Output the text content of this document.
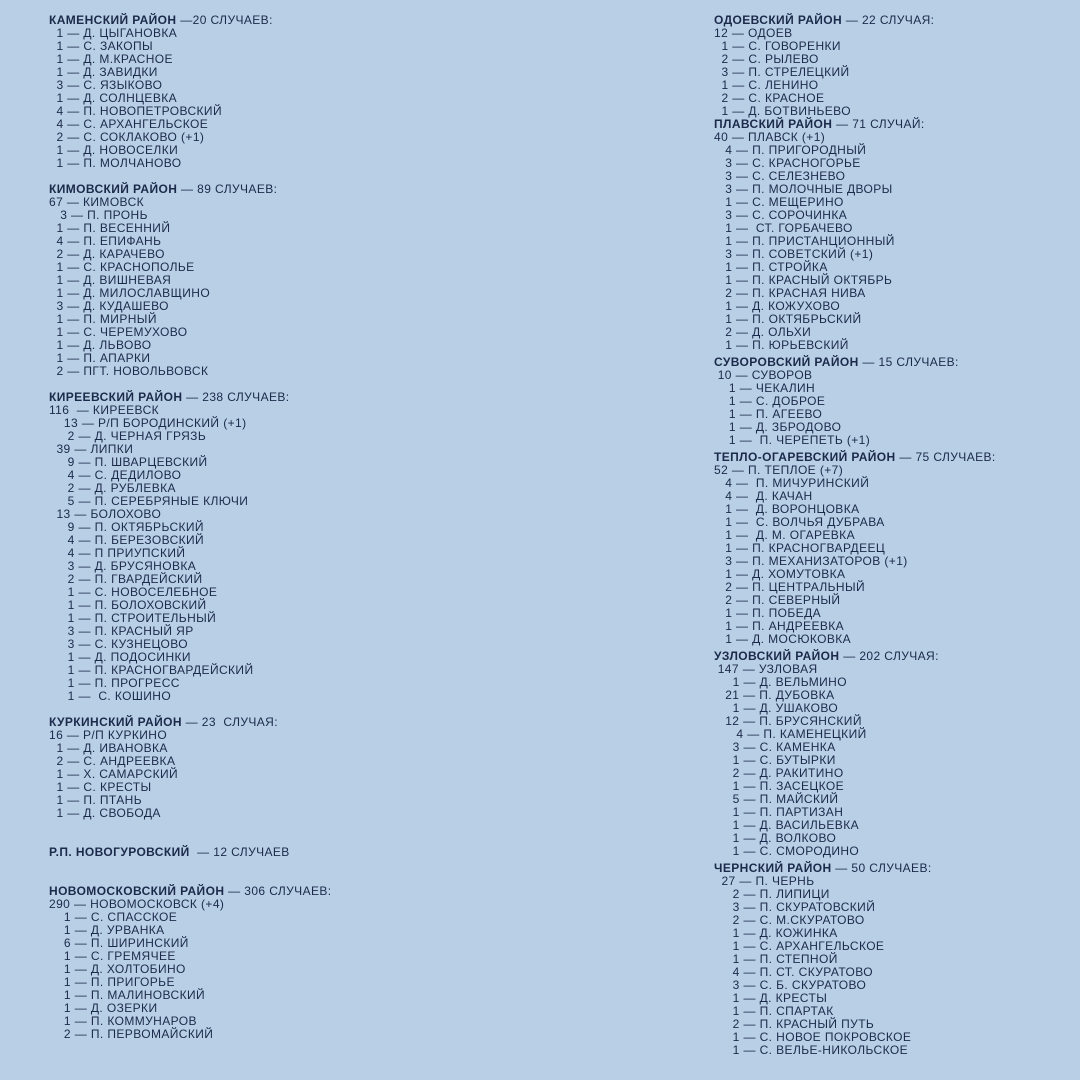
КАМЕНСКИЙ РАЙОН —20 СЛУЧАЕВ:
1 — Д. ЦЫГАНОВКА
1 — С. ЗАКОПЫ
1 — Д. М.КРАСНОЕ
1 — Д. ЗАВИДКИ
3 — С. ЯЗЫКОВО
1 — Д. СОЛНЦЕВКА
4 — П. НОВОПЕТРОВСКИЙ
4 — С. АРХАНГЕЛЬСКОЕ
2 — С. СОКЛАКОВО (+1)
1 — Д. НОВОСЕЛКИ
1 — П. МОЛЧАНОВО
КИМОВСКИЙ РАЙОН — 89 СЛУЧАЕВ:
67 — КИМОВСК
3 — П. ПРОНЬ
1 — П. ВЕСЕННИЙ
4 — П. ЕПИФАНЬ
2 — Д. КАРАЧЕВО
1 — С. КРАСНОПОЛЬЕ
1 — Д. ВИШНЕВАЯ
1 — Д. МИЛОСЛАВЩИНО
3 — Д. КУДАШЕВО
1 — П. МИРНЫЙ
1 — С. ЧЕРЕМУХОВО
1 — Д. ЛЬВОВО
1 — П. АПАРКИ
2 — ПГТ. НОВОЛЬВОВСК
КИРЕЕВСКИЙ РАЙОН — 238 СЛУЧАЕВ:
116  — КИРЕЕВСК
13 — Р/П БОРОДИНСКИЙ (+1)
2 — Д. ЧЕРНАЯ ГРЯЗЬ
39 — ЛИПКИ
9 — П. ШВАРЦЕВСКИЙ
4 — С. ДЕДИЛОВО
2 — Д. РУБЛЕВКА
5 — П. СЕРЕБРЯНЫЕ КЛЮЧИ
13 — БОЛОХОВО
9 — П. ОКТЯБРЬСКИЙ
4 — П. БЕРЕЗОВСКИЙ
4 — П ПРИУПСКИЙ
3 — Д. БРУСЯНОВКА
2 — П. ГВАРДЕЙСКИЙ
1 — С. НОВОСЕЛЕБНОЕ
1 — П. БОЛОХОВСКИЙ
1 — П. СТРОИТЕЛЬНЫЙ
3 — П. КРАСНЫЙ ЯР
3 — С. КУЗНЕЦОВО
1 — Д. ПОДОСИНКИ
1 — П. КРАСНОГВАРДЕЙСКИЙ
1 — П. ПРОГРЕСС
1 —  С. КОШИНО
КУРКИНСКИЙ РАЙОН — 23  СЛУЧАЯ:
16 — Р/П КУРКИНО
1 — Д. ИВАНОВКА
2 — С. АНДРЕЕВКА
1 — Х. САМАРСКИЙ
1 — С. КРЕСТЫ
1 — П. ПТАНЬ
1 — Д. СВОБОДА
Р.П. НОВОГУРОВСКИЙ  — 12 СЛУЧАЕВ
НОВОМОСКОВСКИЙ РАЙОН — 306 СЛУЧАЕВ:
290 — НОВОМОСКОВСК (+4)
1 — С. СПАССКОЕ
1 — Д. УРВАНКА
6 — П. ШИРИНСКИЙ
1 — С. ГРЕМЯЧЕЕ
1 — Д. ХОЛТОБИНО
1 — П. ПРИГОРЬЕ
1 — П. МАЛИНОВСКИЙ
1 — Д. ОЗЕРКИ
1 — П. КОММУНАРОВ
2 — П. ПЕРВОМАЙСКИЙ
ОДОЕВСКИЙ РАЙОН — 22 СЛУЧАЯ:
12 — ОДОЕВ
1 — С. ГОВОРЕНКИ
2 — С. РЫЛЕВО
3 — П. СТРЕЛЕЦКИЙ
1 — С. ЛЕНИНО
2 — С. КРАСНОЕ
1 — Д. БОТВИНЬЕВО
ПЛАВСКИЙ РАЙОН — 71 СЛУЧАЙ:
40 — ПЛАВСК (+1)
4 — П. ПРИГОРОДНЫЙ
3 — С. КРАСНОГОРЬЕ
3 — С. СЕЛЕЗНЕВО
3 — П. МОЛОЧНЫЕ ДВОРЫ
1 — С. МЕЩЕРИНО
3 — С. СОРОЧИНКА
1 —  СТ. ГОРБАЧЕВО
1 — П. ПРИСТАНЦИОННЫЙ
3 — П. СОВЕТСКИЙ (+1)
1 — П. СТРОЙКА
1 — П. КРАСНЫЙ ОКТЯБРЬ
2 — П. КРАСНАЯ НИВА
1 — Д. КОЖУХОВО
1 — П. ОКТЯБРЬСКИЙ
2 — Д. ОЛЬХИ
1 — П. ЮРЬЕВСКИЙ
СУВОРОВСКИЙ РАЙОН — 15 СЛУЧАЕВ:
10 — СУВОРОВ
1 — ЧЕКАЛИН
1 — С. ДОБРОЕ
1 — П. АГЕЕВО
1 — Д. ЗБРОДОВО
1 —  П. ЧЕРЕПЕТЬ (+1)
ТЕПЛО-ОГАРЕВСКИЙ РАЙОН — 75 СЛУЧАЕВ:
52 — П. ТЕПЛОЕ (+7)
4 —  П. МИЧУРИНСКИЙ
4 —  Д. КАЧАН
1 —  Д. ВОРОНЦОВКА
1 —  С. ВОЛЧЬЯ ДУБРАВА
1 —  Д. М. ОГАРЕВКА
1 — П. КРАСНОГВАРДЕЕЦ
3 — П. МЕХАНИЗАТОРОВ (+1)
1 — Д. ХОМУТОВКА
2 — П. ЦЕНТРАЛЬНЫЙ
2 — П. СЕВЕРНЫЙ
1 — П. ПОБЕДА
1 — П. АНДРЕЕВКА
1 — Д. МОСЮКОВКА
УЗЛОВСКИЙ РАЙОН — 202 СЛУЧАЯ:
147 — УЗЛОВАЯ
1 — Д. ВЕЛЬМИНО
21 — П. ДУБОВКА
1 — Д. УШАКОВО
12 — П. БРУСЯНСКИЙ
4 — П. КАМЕНЕЦКИЙ
3 — С. КАМЕНКА
1 — С. БУТЫРКИ
2 — Д. РАКИТИНО
1 — П. ЗАСЕЦКОЕ
5 — П. МАЙСКИЙ
1 — П. ПАРТИЗАН
1 — Д. ВАСИЛЬЕВКА
1 — Д. ВОЛКОВО
1 — С. СМОРОДИНО
ЧЕРНСКИЙ РАЙОН — 50 СЛУЧАЕВ:
27 — П. ЧЕРНЬ
2 — П. ЛИПИЦИ
3 — П. СКУРАТОВСКИЙ
2 — С. М.СКУРАТОВО
1 — Д. КОЖИНКА
1 — С. АРХАНГЕЛЬСКОЕ
1 — П. СТЕПНОЙ
4 — П. СТ. СКУРАТОВО
3 — С. Б. СКУРАТОВО
1 — Д. КРЕСТЫ
1 — П. СПАРТАК
2 — П. КРАСНЫЙ ПУТЬ
1 — С. НОВОЕ ПОКРОВСКОЕ
1 — С. ВЕЛЬЕ-НИКОЛЬСКОЕ
